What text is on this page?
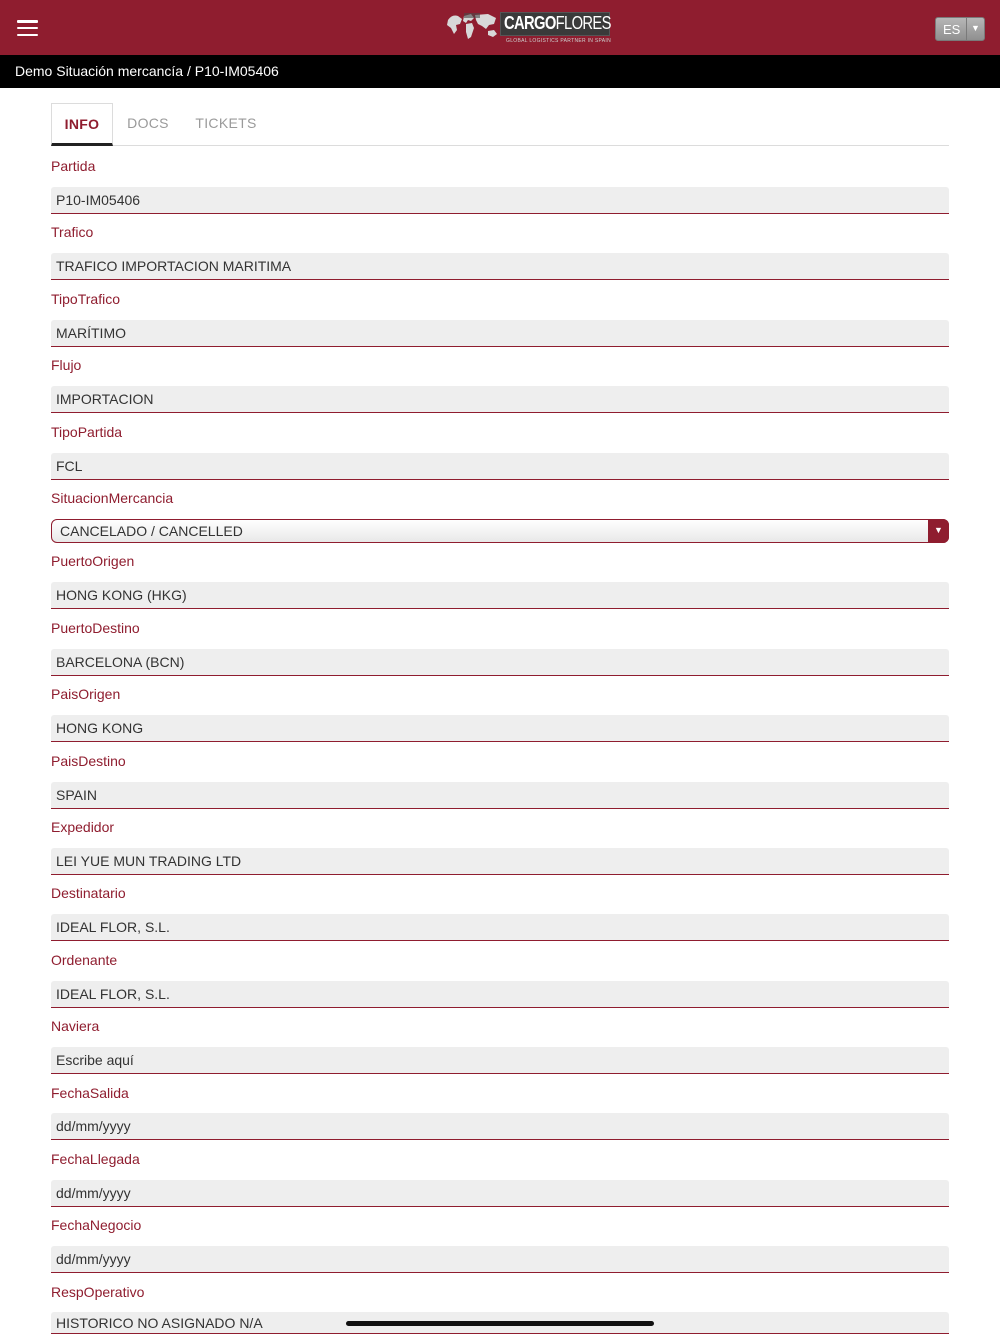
CARGOFLORES
GLOBAL LOGISTICS PARTNER IN SPAIN
ES ▼
Demo Situación mercancía / P10-IM05406
INFO	DOCS	TICKETS
Partida
P10-IM05406
Trafico
TRAFICO IMPORTACION MARITIMA
TipoTrafico
MARÍTIMO
Flujo
IMPORTACION
TipoPartida
FCL
SituacionMercancia
CANCELADO / CANCELLED	▼
PuertoOrigen
HONG KONG (HKG)
PuertoDestino
BARCELONA (BCN)
PaisOrigen
HONG KONG
PaisDestino
SPAIN
Expedidor
LEI YUE MUN TRADING LTD
Destinatario
IDEAL FLOR, S.L.
Ordenante
IDEAL FLOR, S.L.
Naviera
Escribe aquí
FechaSalida
dd/mm/yyyy
FechaLlegada
dd/mm/yyyy
FechaNegocio
dd/mm/yyyy
RespOperativo
HISTORICO NO ASIGNADO N/A
